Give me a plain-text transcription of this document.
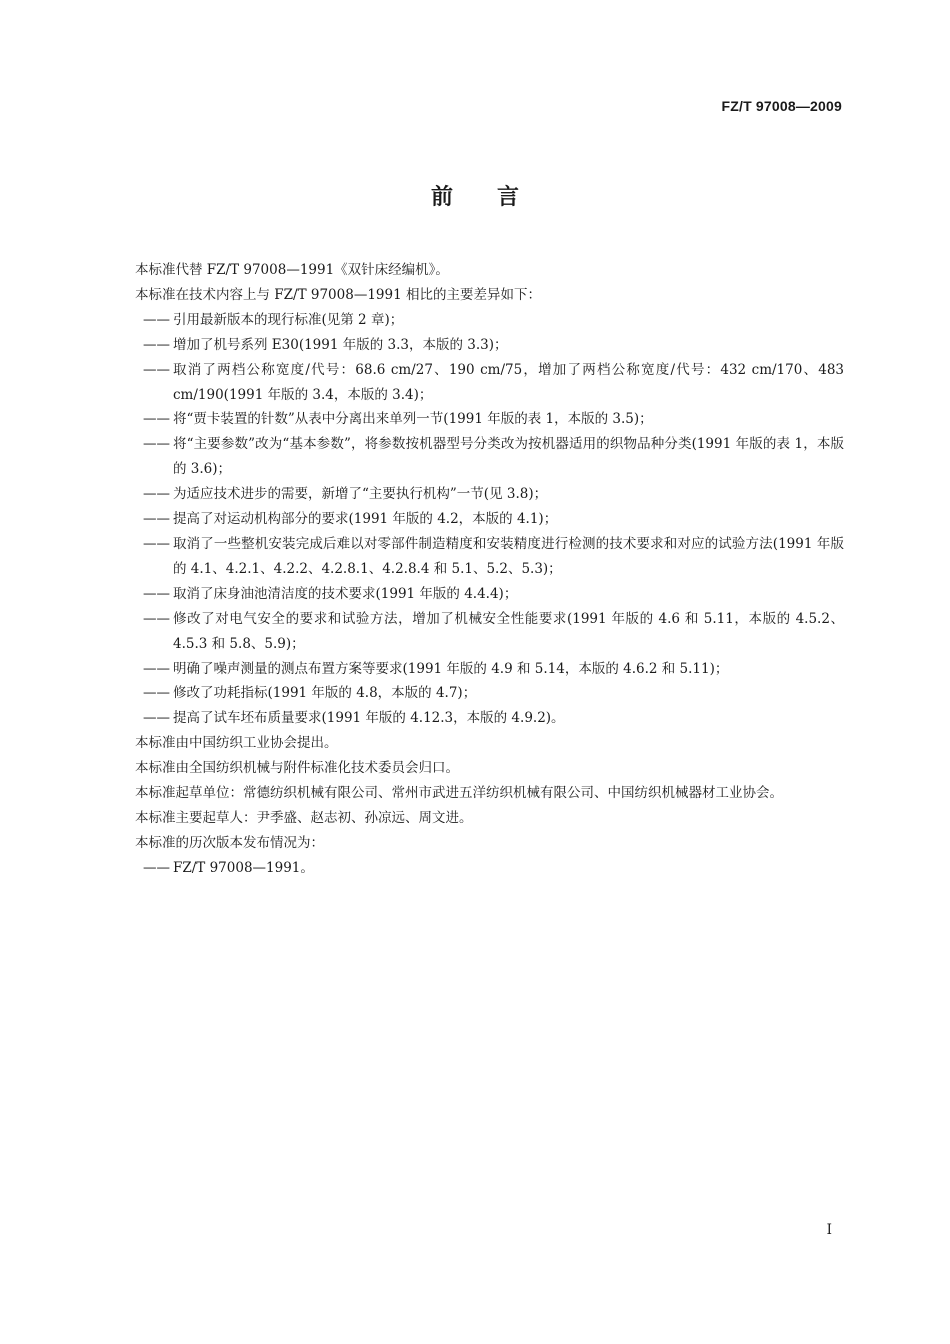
FZ/T 97008—2009
前言

本标准代替 FZ/T 97008—1991《双针床经编机》。

本标准在技术内容上与 FZ/T 97008—1991 相比的主要差异如下：

—— 引用最新版本的现行标准(见第 2 章)；
—— 增加了机号系列 E30(1991 年版的 3.3，本版的 3.3)；
—— 取消了两档公称宽度/代号：68.6 cm/27、190 cm/75，增加了两档公称宽度/代号：432 cm/170、483 cm/190(1991 年版的 3.4，本版的 3.4)；
—— 将“贾卡装置的针数”从表中分离出来单列一节(1991 年版的表 1，本版的 3.5)；
—— 将“主要参数”改为“基本参数”，将参数按机器型号分类改为按机器适用的织物品种分类(1991 年版的表 1，本版的 3.6)；
—— 为适应技术进步的需要，新增了“主要执行机构”一节(见 3.8)；
—— 提高了对运动机构部分的要求(1991 年版的 4.2，本版的 4.1)；
—— 取消了一些整机安装完成后难以对零部件制造精度和安装精度进行检测的技术要求和对应的试验方法(1991 年版的 4.1、4.2.1、4.2.2、4.2.8.1、4.2.8.4 和 5.1、5.2、5.3)；
—— 取消了床身油池清洁度的技术要求(1991 年版的 4.4.4)；
—— 修改了对电气安全的要求和试验方法，增加了机械安全性能要求(1991 年版的 4.6 和 5.11，本版的 4.5.2、4.5.3 和 5.8、5.9)；
—— 明确了噪声测量的测点布置方案等要求(1991 年版的 4.9 和 5.14，本版的 4.6.2 和 5.11)；
—— 修改了功耗指标(1991 年版的 4.8，本版的 4.7)；
—— 提高了试车坯布质量要求(1991 年版的 4.12.3，本版的 4.9.2)。

本标准由中国纺织工业协会提出。

本标准由全国纺织机械与附件标准化技术委员会归口。

本标准起草单位：常德纺织机械有限公司、常州市武进五洋纺织机械有限公司、中国纺织机械器材工业协会。

本标准主要起草人：尹季盛、赵志初、孙凉远、周文进。

本标准的历次版本发布情况为：

—— FZ/T 97008—1991。
I
